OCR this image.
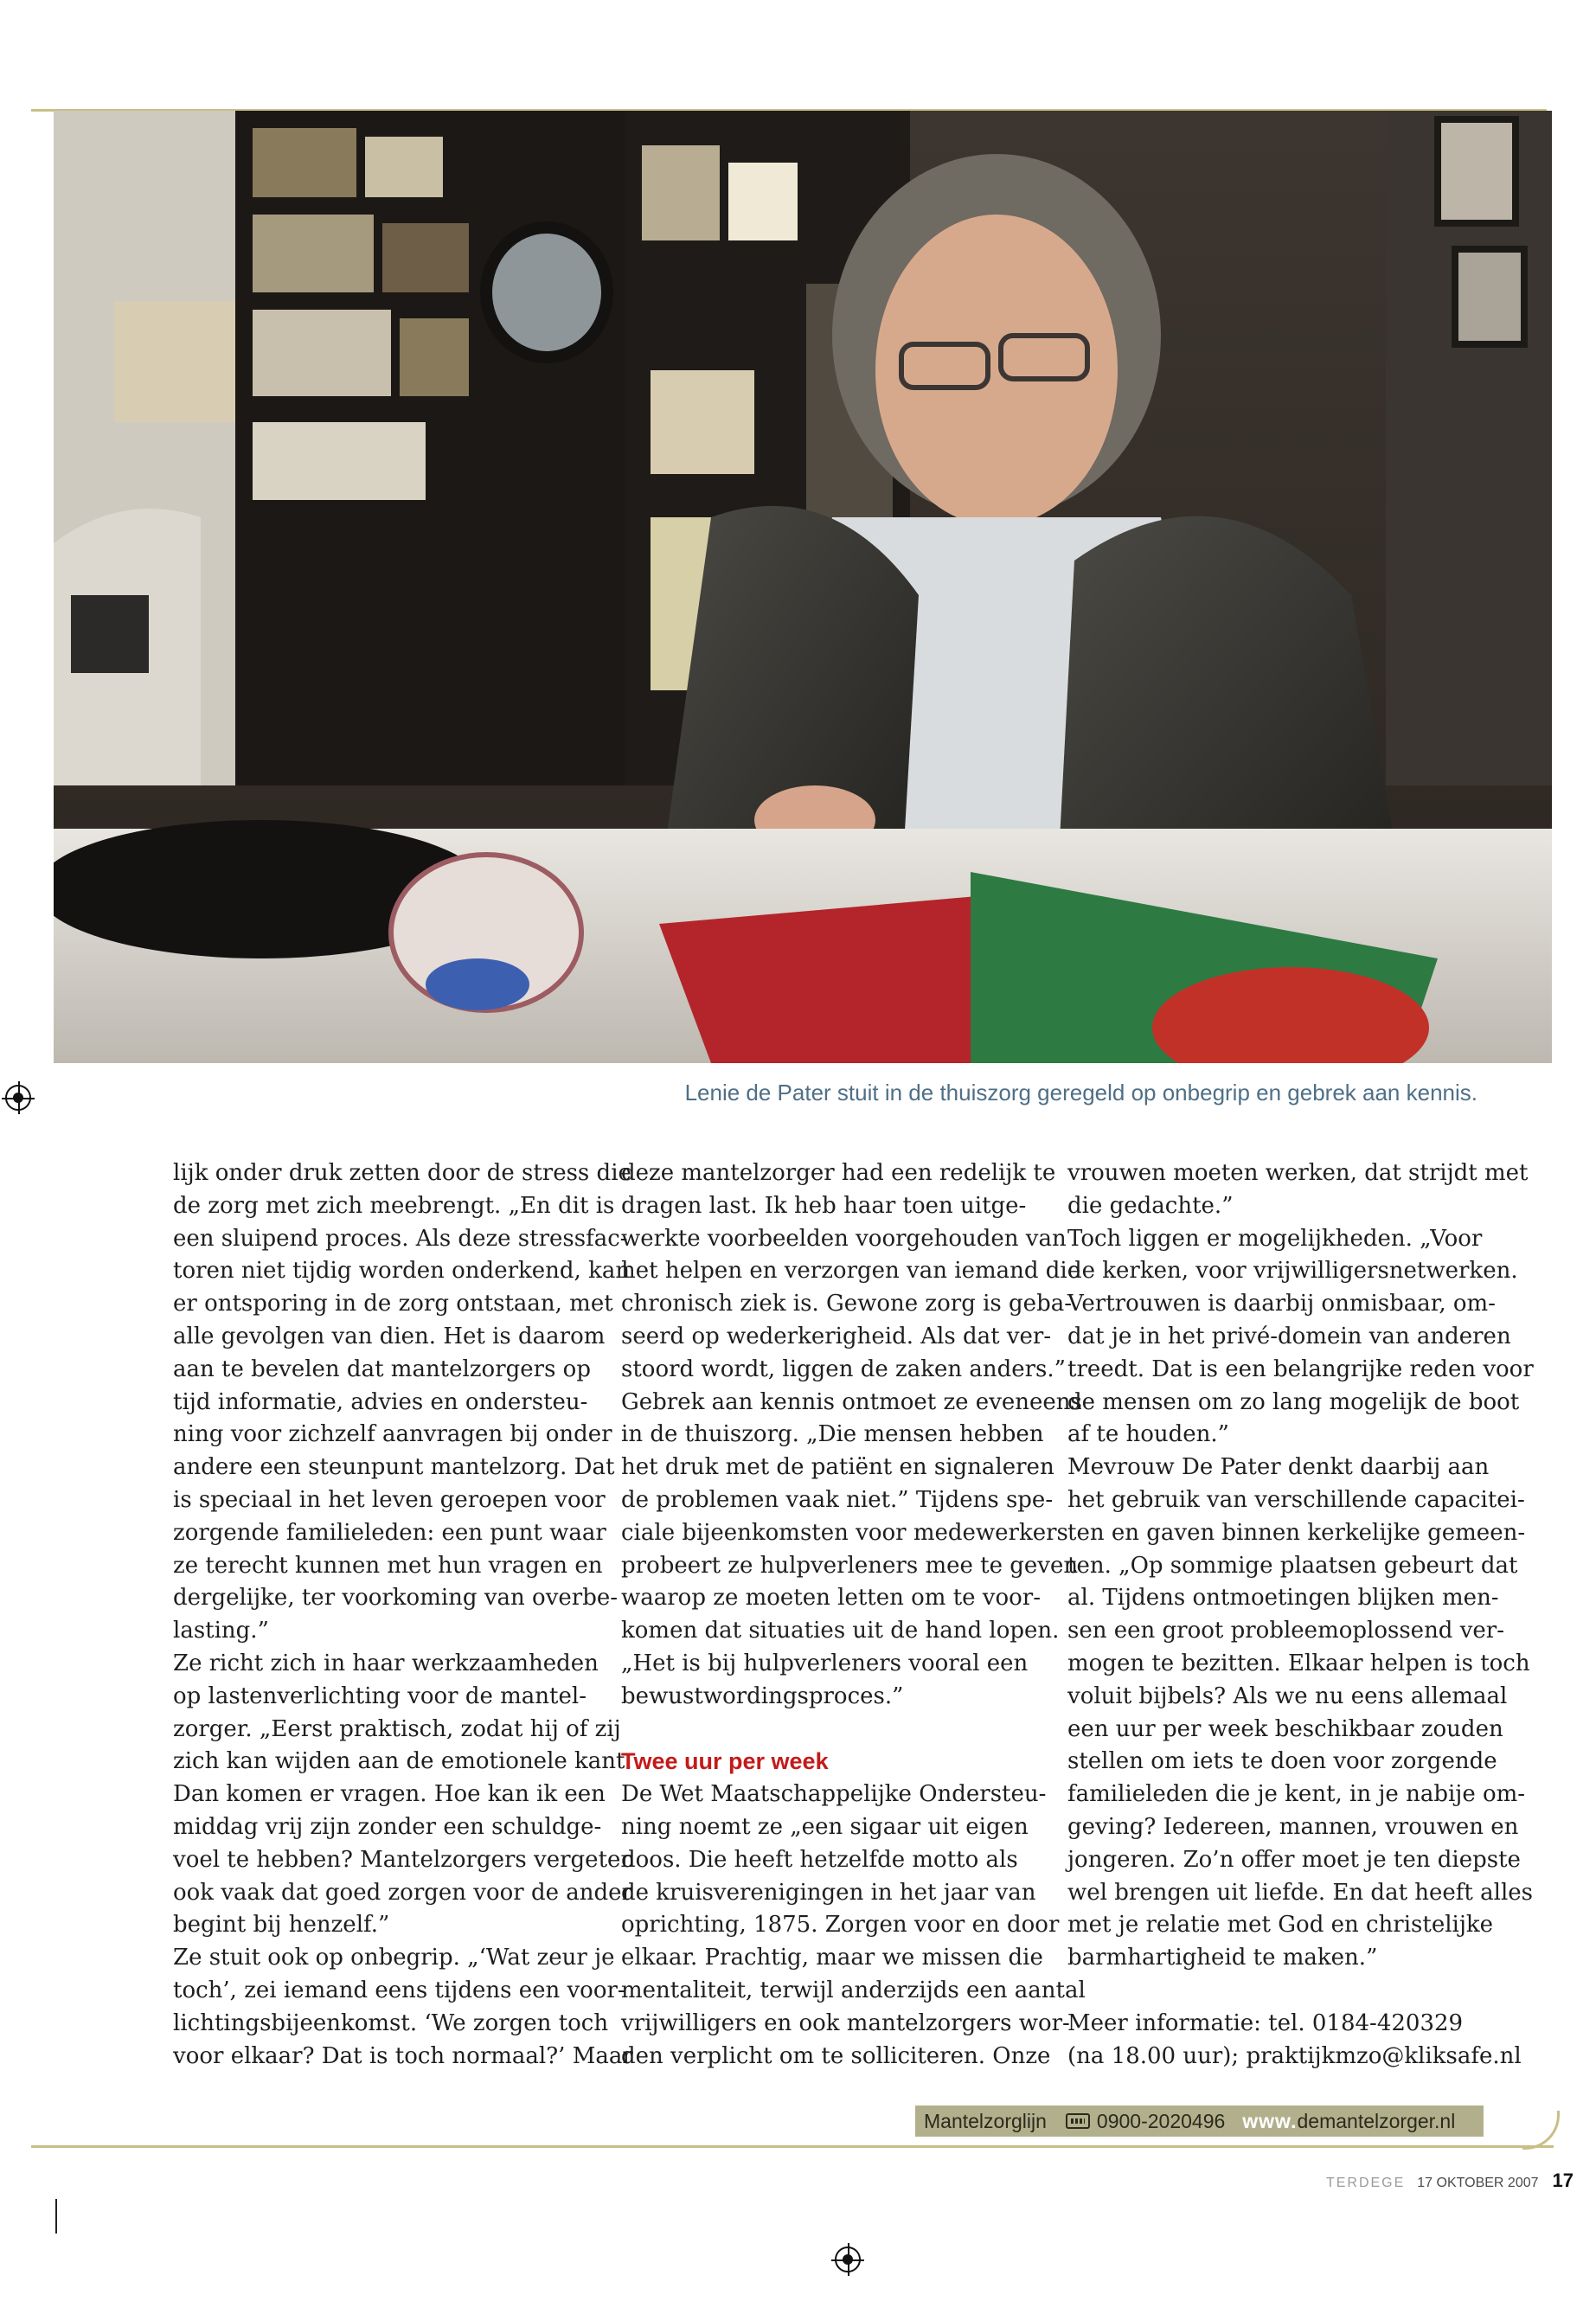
Lenie de Pater stuit in de thuiszorg geregeld op onbegrip en gebrek aan kennis.
lijk onder druk zetten door de stress die
de zorg met zich meebrengt. „En dit is
een sluipend proces. Als deze stressfac-
toren niet tijdig worden onderkend, kan
er ontsporing in de zorg ontstaan, met
alle gevolgen van dien. Het is daarom
aan te bevelen dat mantelzorgers op
tijd informatie, advies en ondersteu-
ning voor zichzelf aanvragen bij onder
andere een steunpunt mantelzorg. Dat
is speciaal in het leven geroepen voor
zorgende familieleden: een punt waar
ze terecht kunnen met hun vragen en
dergelijke, ter voorkoming van overbe-
lasting.”
Ze richt zich in haar werkzaamheden
op lastenverlichting voor de mantel-
zorger. „Eerst praktisch, zodat hij of zij
zich kan wijden aan de emotionele kant.
Dan komen er vragen. Hoe kan ik een
middag vrij zijn zonder een schuldge-
voel te hebben? Mantelzorgers vergeten
ook vaak dat goed zorgen voor de ander
begint bij henzelf.”
Ze stuit ook op onbegrip. „‘Wat zeur je
toch’, zei iemand eens tijdens een voor-
lichtingsbijeenkomst. ‘We zorgen toch
voor elkaar? Dat is toch normaal?’ Maar
deze mantelzorger had een redelijk te
dragen last. Ik heb haar toen uitge-
werkte voorbeelden voorgehouden van
het helpen en verzorgen van iemand die
chronisch ziek is. Gewone zorg is geba-
seerd op wederkerigheid. Als dat ver-
stoord wordt, liggen de zaken anders.”
Gebrek aan kennis ontmoet ze eveneens
in de thuiszorg. „Die mensen hebben
het druk met de patiënt en signaleren
de problemen vaak niet.” Tijdens spe-
ciale bijeenkomsten voor medewerkers
probeert ze hulpverleners mee te geven
waarop ze moeten letten om te voor-
komen dat situaties uit de hand lopen.
„Het is bij hulpverleners vooral een
bewustwordingsproces.”
Twee uur per week
De Wet Maatschappelijke Ondersteu-
ning noemt ze „een sigaar uit eigen
doos. Die heeft hetzelfde motto als
de kruisverenigingen in het jaar van
oprichting, 1875. Zorgen voor en door
elkaar. Prachtig, maar we missen die
mentaliteit, terwijl anderzijds een aantal
vrijwilligers en ook mantelzorgers wor-
den verplicht om te solliciteren. Onze
vrouwen moeten werken, dat strijdt met
die gedachte.”
Toch liggen er mogelijkheden. „Voor
de kerken, voor vrijwilligersnetwerken.
Vertrouwen is daarbij onmisbaar, om-
dat je in het privé-domein van anderen
treedt. Dat is een belangrijke reden voor
de mensen om zo lang mogelijk de boot
af te houden.”
Mevrouw De Pater denkt daarbij aan
het gebruik van verschillende capacitei-
ten en gaven binnen kerkelijke gemeen-
ten. „Op sommige plaatsen gebeurt dat
al. Tijdens ontmoetingen blijken men-
sen een groot probleemoplossend ver-
mogen te bezitten. Elkaar helpen is toch
voluit bijbels? Als we nu eens allemaal
een uur per week beschikbaar zouden
stellen om iets te doen voor zorgende
familieleden die je kent, in je nabije om-
geving? Iedereen, mannen, vrouwen en
jongeren. Zo’n offer moet je ten diepste
wel brengen uit liefde. En dat heeft alles
met je relatie met God en christelijke
barmhartigheid te maken.”
Meer informatie: tel. 0184-420329
(na 18.00 uur); praktijkmzo@kliksafe.nl
Mantelzorglijn	0900-2020496 www. demantelzorger.nl
TERDEGE 17 OKTOBER 2007 17
